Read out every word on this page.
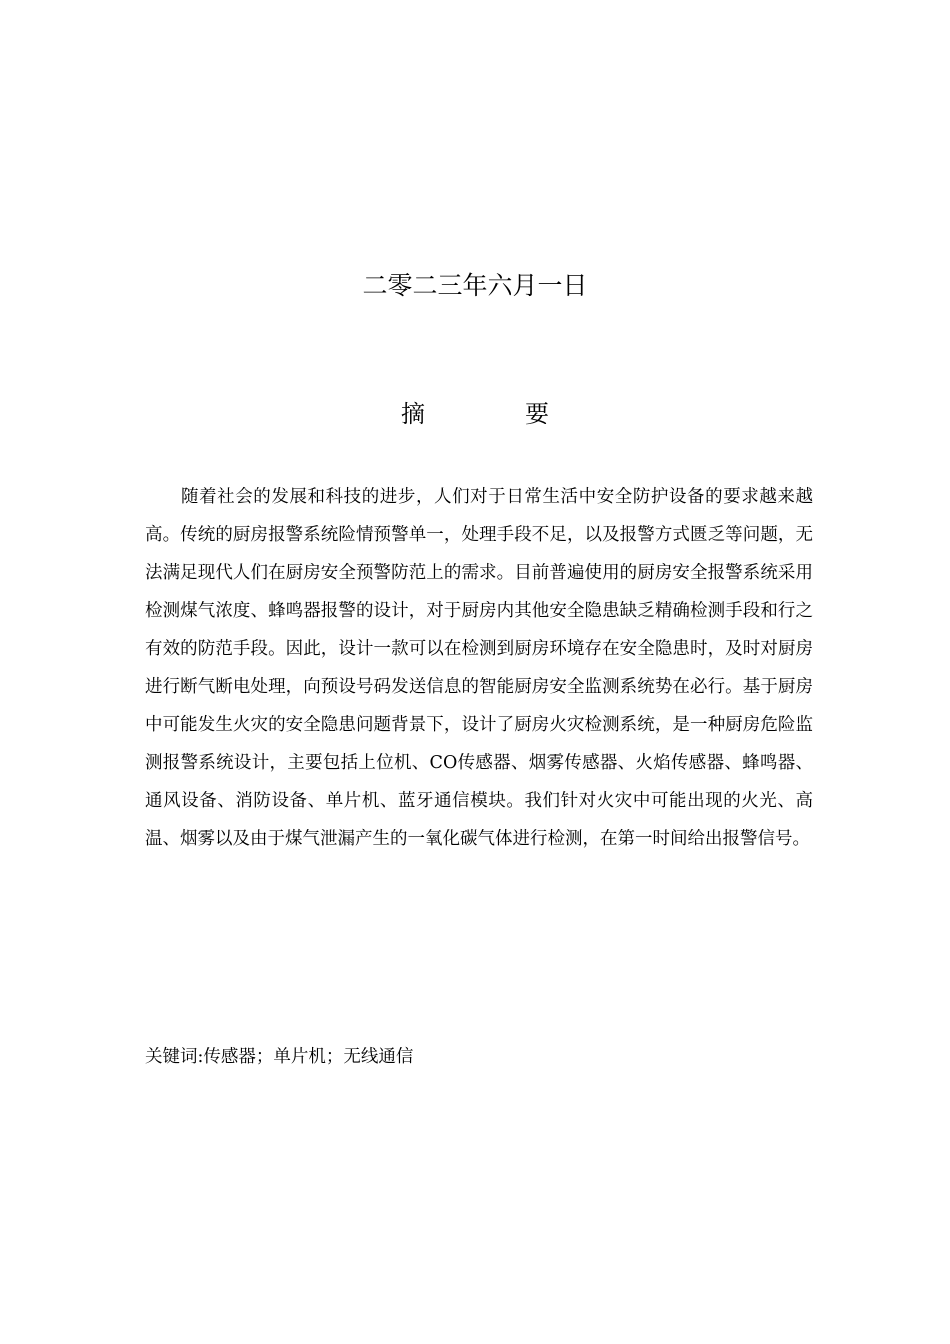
二零二三年六月一日
摘　要

随着社会的发展和科技的进步，人们对于日常生活中安全防护设备的要求越来越高。传统的厨房报警系统险情预警单一，处理手段不足，以及报警方式匮乏等问题，无法满足现代人们在厨房安全预警防范上的需求。目前普遍使用的厨房安全报警系统采用检测煤气浓度、蜂鸣器报警的设计，对于厨房内其他安全隐患缺乏精确检测手段和行之有效的防范手段。因此，设计一款可以在检测到厨房环境存在安全隐患时，及时对厨房进行断气断电处理，向预设号码发送信息的智能厨房安全监测系统势在必行。基于厨房中可能发生火灾的安全隐患问题背景下，设计了厨房火灾检测系统，是一种厨房危险监测报警系统设计，主要包括上位机、CO传感器、烟雾传感器、火焰传感器、蜂鸣器、通风设备、消防设备、单片机、蓝牙通信模块。我们针对火灾中可能出现的火光、高温、烟雾以及由于煤气泄漏产生的一氧化碳气体进行检测，在第一时间给出报警信号。

关键词:传感器；单片机；无线通信
